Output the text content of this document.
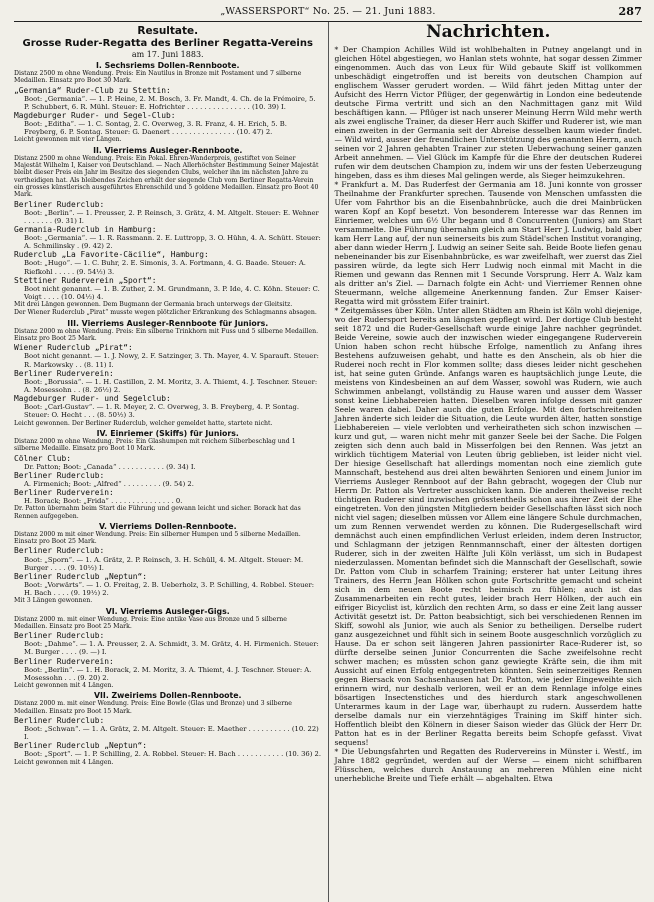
„WASSERSPORT“ No. 25. — 21. Juni 1883.	287
Resultate.
Grosse Ruder-Regatta des Berliner Regatta-Vereins
am 17. Juni 1883.
I. Sechsriems Dollen-Rennboote.

Distanz 2500 m ohne Wendung. Preis: Ein Nautilus in Bronze mit Postament und 7 silberne Medaillen. Einsatz pro Boot 30 Mark.

„Germania“ Ruder-Club zu Stettin:

Boot: „Germania“. — 1. P. Heine, 2. M. Bosch, 3. Fr. Mandt, 4. Ch. de la Frémoire, 5. P. Schubbert, 6. R. Mühl. Steuer: E. Hofrichter . . . . . . . . . . . . . . . (10. 39) I.

Magdeburger Ruder- und Segel-Club:

Boot: „Editha“. — 1. C. Sontag, 2. C. Overweg, 3. R. Franz, 4. H. Erich, 5. B. Freyberg, 6. P. Sontag. Steuer: G. Daenert . . . . . . . . . . . . . . . (10. 47) 2.

Leicht gewonnen mit vier Längen.

II. Vierriems Ausleger-Rennboote.

Distanz 2500 m ohne Wendung. Preis: Ein Pokal. Ehren-Wanderpreis, gestiftet von Seiner Majestät Wilhelm I, Kaiser von Deutschland. — Nach Allerhöchster Bestimmung Seiner Majestät bleibt dieser Preis ein Jahr im Besitze des siegenden Clubs, welcher ihn im nächsten Jahre zu vertheidigen hat. Als bleibendes Zeichen erhält der siegende Club vom Berliner Regatta-Verein ein grosses künstlerisch ausgeführtes Ehrenschild und 5 goldene Medaillen. Einsatz pro Boot 40 Mark.

Berliner Ruderclub:

Boot: „Berlin“. — 1. Preusser, 2. P. Reinsch, 3. Grätz, 4. M. Altgelt. Steuer: E. Wehner . . . . . . . (9. 31) I.

Germania-Ruderclub in Hamburg:

Boot: „Germania“. — 1. R. Rassmann. 2. E. Luttropp, 3. O. Hühn, 4. A. Schütt. Steuer: A. Schmilinsky . (9. 42) 2.

Ruderclub „La Favorite-Cäcilie“, Hamburg:

Boot: „Hugo“. — 1. C. Buhr, 2. E. Simonis, 3. A. Fortmann, 4. G. Baade. Steuer: A. Riefkohl . . . . . (9. 54½) 3.

Stettiner Ruderverein „Sport“:

Boot nicht genannt. — 1. B. Zuther, 2. M. Grundmann, 3. P. Ide, 4. C. Köhn. Steuer: C. Voigt . . . . (10. 04½) 4.

Mit drei Längen gewonnen. Dem Bugmann der Germania brach unterwegs der Gleitsitz.

Der Wiener Ruderclub „Pirat“ musste wegen plötzlicher Erkrankung des Schlagmanns absagen.

III. Vierriems Ausleger-Rennboote für Juniors.

Distanz 2000 m ohne Wendung. Preis: Ein silberne Trinkhorn mit Fuss und 5 silberne Medaillen. Einsatz pro Boot 25 Mark.

Wiener Ruderclub „Pirat“:

Boot nicht genannt. — 1. J. Nowy, 2. F. Satzinger, 3. Th. Mayer, 4. V. Sparauft. Steuer: R. Markowsky . . (8. 11) I.

Berliner Ruderverein:

Boot: „Borussia“. — 1. H. Castillon, 2. M. Moritz, 3. A. Thiemt, 4. J. Teschner. Steuer: A. Mosessohn . . (8. 26½) 2.

Magdeburger Ruder- und Segelclub:

Boot: „Carl-Gustav“. — 1. R. Meyer, 2. C. Overweg, 3. B. Freyberg, 4. P. Sontag. Steuer: O. Hecht . . . (8. 50½) 3.

Leicht gewonnen. Der Berliner Ruderclub, welcher gemeldet hatte, startete nicht.

IV. Einriemer (Skiffs) für Juniors.

Distanz 2000 m ohne Wendung. Preis: Ein Glashumpen mit reichem Silberbeschlag und 1 silberne Medaille. Einsatz pro Boot 10 Mark.

Cölner Club:

Dr. Patton; Boot: „Canada“ . . . . . . . . . . . (9. 34) I.

Berliner Ruderclub:

A. Firmenich; Boot: „Alfred“ . . . . . . . . . (9. 54) 2.

Berliner Ruderverein:

H. Borack; Boot: „Frida“ . . . . . . . . . . . . . . . 0.

Dr. Patton übernahm beim Start die Führung und gewann leicht und sicher. Borack hat das Rennen aufgegeben.

V. Vierriems Dollen-Rennboote.

Distanz 2000 m mit einer Wendung. Preis: Ein silberner Humpen und 5 silberne Medaillen. Einsatz pro Boot 25 Mark.

Berliner Ruderclub:

Boot: „Sporn“. — 1. A. Grätz, 2. P. Reinsch, 3. H. Schüll, 4. M. Altgelt. Steuer: M. Burger . . . . (9. 10½) I.

Berliner Ruderclub „Neptun“:

Boot: „Vorwärts“. — 1. O. Freitag, 2. B. Ueberholz, 3. P. Schilling, 4. Robbel. Steuer: H. Bach . . . . (9. 19½) 2.

Mit 3 Längen gewonnen.

VI. Vierriems Ausleger-Gigs.

Distanz 2000 m. mit einer Wendung. Preis: Eine antike Vase aus Bronze und 5 silberne Medaillen. Einsatz pro Boot 25 Mark.

Berliner Ruderclub:

Boot: „Dahme“. — 1. A. Preusser, 2. A. Schmidt, 3. M. Grätz, 4. H. Firmenich. Steuer: M. Burger . . . . (9. —) I.

Berliner Ruderverein:

Boot: „Berlin“. — 1. H. Borack, 2. M. Moritz, 3. A. Thiemt, 4. J. Teschner. Steuer: A. Mosessohn . . . (9. 20) 2.

Leicht gewonnen mit 4 Längen.

VII. Zweiriems Dollen-Rennboote.

Distanz 2000 m. mit einer Wendung. Preis: Eine Bowle (Glas und Bronze) und 3 silberne Medaillen. Einsatz pro Boot 15 Mark.

Berliner Ruderclub:

Boot: „Schwan“. — 1. A. Grätz, 2. M. Altgelt. Steuer: E. Maether . . . . . . . . . . (10. 22) I.

Berliner Ruderclub „Neptun“:

Boot: „Sport“. — 1. P. Schilling, 2. A. Robbel. Steuer: H. Bach . . . . . . . . . . . (10. 36) 2.

Leicht gewonnen mit 4 Längen.

Nachrichten.

* Der Champion Achilles Wild ist wohlbehalten in Putney angelangt und in gleichen Hôtel abgestiegen, wo Hanlan stets wohnte, hat sogar dessen Zimmer eingenommen. Auch das von Leux für Wild gebaute Skiff ist vollkommen unbeschädigt eingetroffen und ist bereits von deutschen Champion auf englischem Wasser gerudert worden. — Wild fährt jeden Mittag unter der Aufsicht des Herrn Victor Pflüger, der gegenwärtig in London eine bedeutende deutsche Firma vertritt und sich an den Nachmittagen ganz mit Wild beschäftigen kann. — Pflüger ist nach unserer Meinung Herrn Wild mehr werth als zwei englische Trainer, da dieser Herr auch Skiffer und Ruderer ist, wie man einen zweiten in der Germania seit der Abreise desselben kaum wieder findet. — Wild wird, ausser der freundlichen Unterstützung des genannten Herrn, auch seinen vor 2 Jahren gehabten Trainer zur steten Ueberwachung seiner ganzen Arbeit annehmen. — Viel Glück im Kampfe für die Ehre der deutschen Ruderei rufen wir dem deutschen Champion zu, indem wir uns der festen Ueberzeugung hingeben, dass es ihm dieses Mal gelingen werde, als Sieger heimzukehren.

* Frankfurt a. M. Das Ruderfest der Germania am 18. Juni konnte von grosser Theilnahme der Frankfurter sprechen. Tausende von Menschen umfassten die Ufer vom Fahrthor bis an die Eisenbahnbrücke, auch die drei Mainbrücken waren Kopf an Kopf besetzt. Von besonderem Interesse war das Rennen im Einriemer, welches um 6½ Uhr begann und 8 Concurrenten (Juniors) am Start versammelte. Die Führung übernahm gleich am Start Herr J. Ludwig, bald aber kam Herr Lang auf, der nun seinerseits bis zum Städel'schen Institut voranging, aber dann wieder Herrn J. Ludwig an seiner Seite sah. Beide Boote liefen genau nebeneinander bis zur Eisenbahnbrücke, es war zweifelhaft, wer zuerst das Ziel passiren würde, da legte sich Herr Ludwig noch einmal mit Macht in die Riemen und gewann das Rennen mit 1 Secunde Vorsprung. Herr A. Walz kam als dritter an's Ziel. — Darnach folgte ein Acht- und Vierriemer Rennen ohne Steuermann, welche allgemeine Anerkennung fanden. Zur Emser Kaiser-Regatta wird mit grösstem Eifer trainirt.

* Zeitgemässes über Köln. Unter allen Städten am Rhein ist Köln wohl diejenige, wo der Rudersport bereits am längsten gepflegt wird. Der dortige Club besteht seit 1872 und die Ruder-Gesellschaft wurde einige Jahre nachher gegründet. Beide Vereine, sowie auch der inzwischen wieder eingegangene Ruderverein Union haben schon recht hübsche Erfolge, namentlich zu Anfang ihres Bestehens aufzuweisen gehabt, und hatte es den Anschein, als ob hier die Ruderei noch recht in Flor kommen sollte; dass dieses leider nicht geschehen ist, hat seine guten Gründe. Anfangs waren es hauptsächlich junge Leute, die meistens von Kindesbeinen an auf dem Wasser, sowohl was Rudern, wie auch Schwimmen anbelangt, vollständig zu Hause waren und ausser dem Wasser sonst keine Liebhabereien hatten. Dieselben waren infolge dessen mit ganzer Seele waren dabei. Daher auch die guten Erfolge. Mit den fortschreitenden Jahren änderte sich leider die Situation, die Leute wurden älter, hatten sonstige Liebhabereien — viele verlobten und verheiratheten sich schon inzwischen — kurz und gut, — waren nicht mehr mit ganzer Seele bei der Sache. Die Folgen zeigten sich denn auch bald in Misserfolgen bei den Rennen. Was jetzt an wirklich tüchtigem Material von Leuten übrig geblieben, ist leider nicht viel. Der hiesige Gesellschaft hat allerdings momentan noch eine ziemlich gute Mannschaft, bestehend aus drei alten bewährten Senioren und einem Junior im Vierriems Ausleger Rennboot auf der Bahn gebracht, wogegen der Club nur Herrn Dr. Patton als Vertreter ausschicken kann. Die anderen theilweise recht tüchtigen Ruderer sind inzwischen grösstentheils schon aus ihrer Zeit der Ehe eingetreten. Von den jüngsten Mitgliedern beider Gesellschaften lässt sich noch nicht viel sagen; dieselben müssen vor Allem eine längere Schule durchmachen, um zum Rennen verwendet werden zu können. Die Rudergesellschaft wird demnächst auch einen empfindlichen Verlust erleiden, indem deren Instructor, und Schlagmann der jetzigen Rennmannschaft, einer der ältesten dortigen Ruderer, sich in der zweiten Hälfte Juli Köln verlässt, um sich in Budapest niederzulassen. Momentan befindet sich die Mannschaft der Gesellschaft, sowie Dr. Patton vom Club in scharfem Training; ersterer hat unter Leitung ihres Trainers, des Herrn Jean Hölken schon gute Fortschritte gemacht und scheint sich in dem neuen Boote recht heimisch zu fühlen; auch ist das Zusammenarbeiten ein recht gutes, leider brach Herr Hölken, der auch ein eifriger Bicyclist ist, kürzlich den rechten Arm, so dass er eine Zeit lang ausser Activität gesetzt ist. Dr. Patton beabsichtigt, sich bei verschiedenen Rennen im Skiff, sowohl als Junior, wie auch als Senior zu betheiligen. Derselbe rudert ganz ausgezeichnet und fühlt sich in seinem Boote ausgeschnlich vorzüglich zu Hause. Da er schon seit längeren Jahren passionirter Race-Ruderer ist, so dürfte derselbe seinen Junior Concurrenten die Sache zweifelsohne recht schwer machen; es müssten schon ganz gewiegte Kräfte sein, die ihm mit Aussicht auf einen Erfolg entgegentreten könnten. Sein seinerzeitiges Rennen gegen Biersack von Sachsenhausen hat Dr. Patton, wie jeder Eingeweihte sich erinnern wird, nur deshalb verloren, weil er an dem Rennlage infolge eines bösartigen Insectenstiches und des hierdurch stark angeschwollenen Unterarmes kaum in der Lage war, überhaupt zu rudern. Ausserdem hatte derselbe damals nur ein vierzehntägiges Training im Skiff hinter sich. Hoffentlich bleibt den Kölnern in dieser Saison wieder das Glück der Herr Dr. Patton hat es in der Berliner Regatta bereits beim Schopfe gefasst. Vivat sequens!

* Die Uebungsfahrten und Regatten des Rudervereins in Münster i. Westf., im Jahre 1882 gegründet, werden auf der Werse — einem nicht schiffbaren Flüsschen, welches durch Anstauung an mehreren Mühlen eine nicht unerhebliche Breite und Tiefe erhält — abgehalten. Etwa
